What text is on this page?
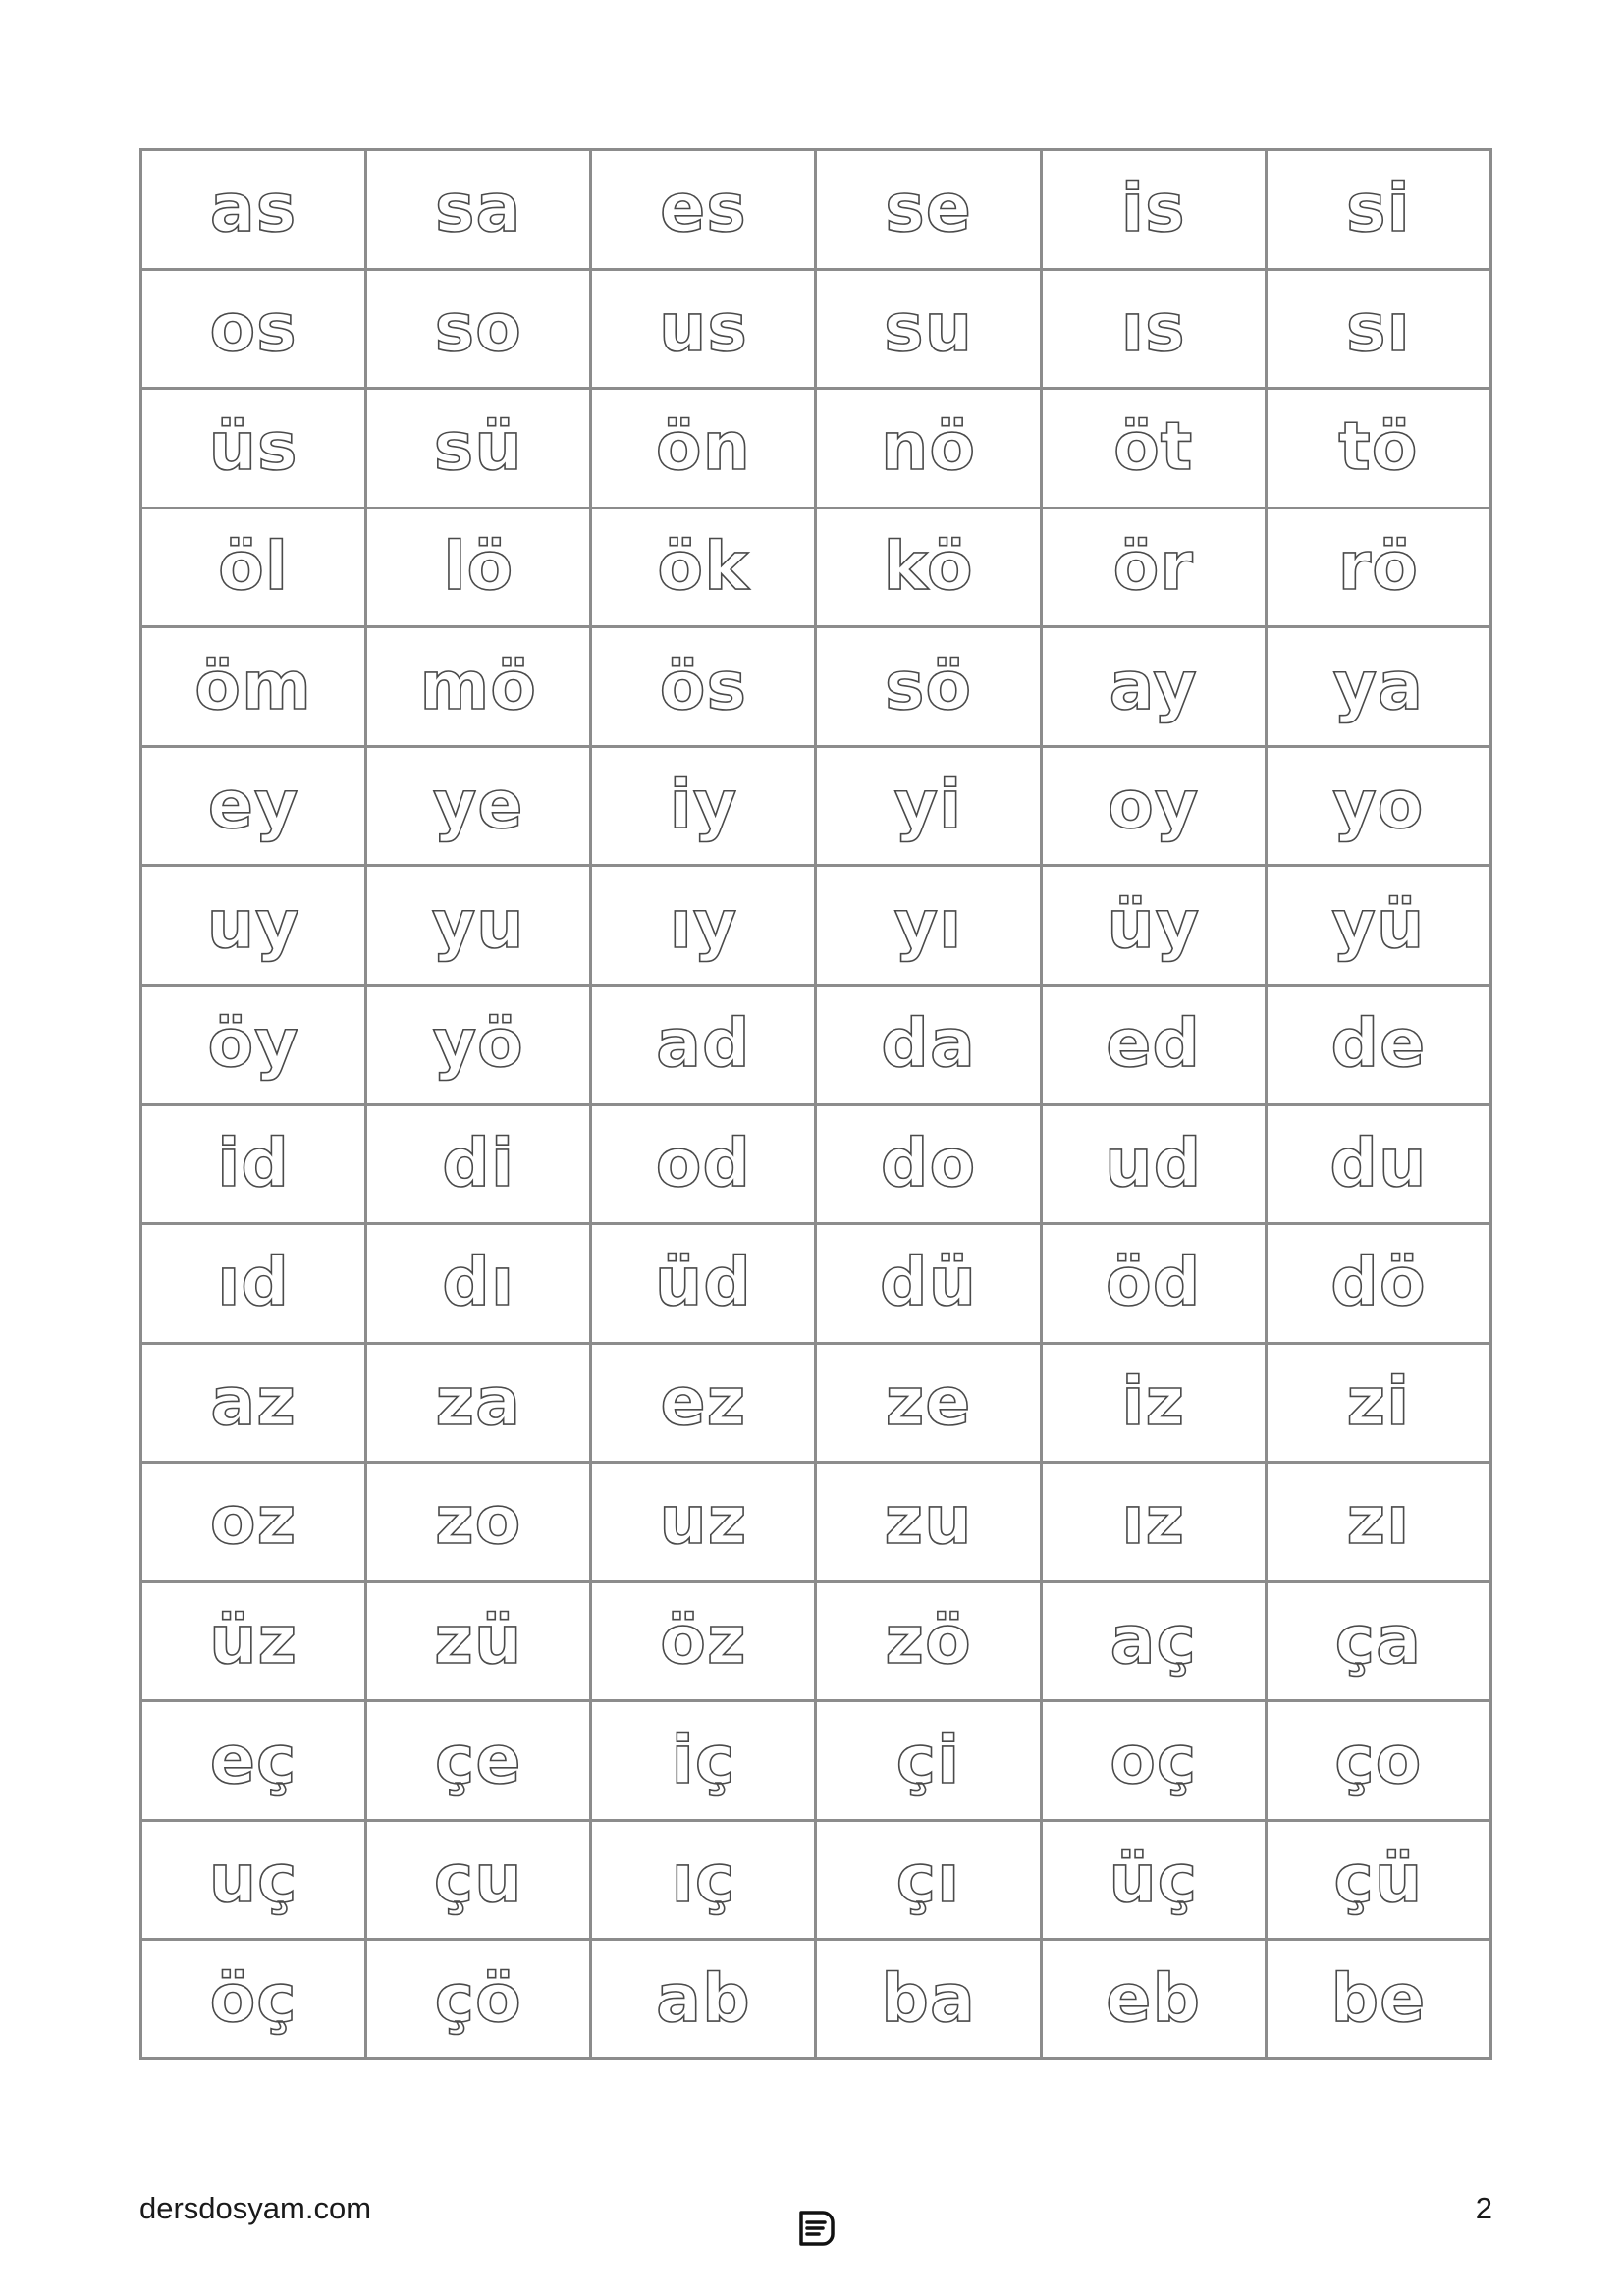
as	sa	es	se	is	si
os	so	us	su	ıs	sı
üs	sü	ön	nö	öt	tö
öl	lö	ök	kö	ör	rö
öm	mö	ös	sö	ay	ya
ey	ye	iy	yi	oy	yo
uy	yu	ıy	yı	üy	yü
öy	yö	ad	da	ed	de
id	di	od	do	ud	du
ıd	dı	üd	dü	öd	dö
az	za	ez	ze	iz	zi
oz	zo	uz	zu	ız	zı
üz	zü	öz	zö	aç	ça
eç	çe	iç	çi	oç	ço
uç	çu	ıç	çı	üç	çü
öç	çö	ab	ba	eb	be
dersdosyam.com	2
